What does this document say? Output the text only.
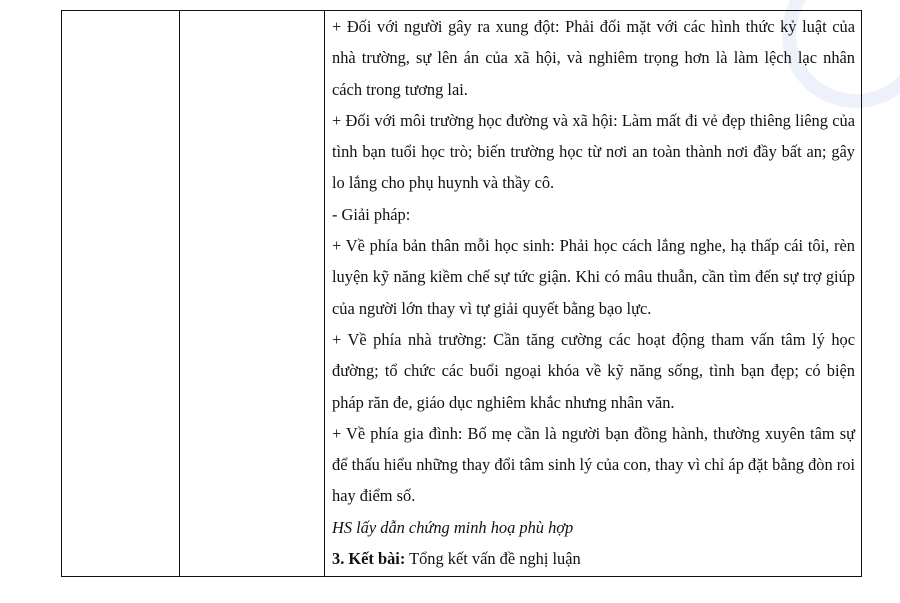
+ Đối với người gây ra xung đột: Phải đối mặt với các hình thức kỷ luật của nhà trường, sự lên án của xã hội, và nghiêm trọng hơn là làm lệch lạc nhân cách trong tương lai.

+ Đối với môi trường học đường và xã hội: Làm mất đi vẻ đẹp thiêng liêng của tình bạn tuổi học trò; biến trường học từ nơi an toàn thành nơi đầy bất an; gây lo lắng cho phụ huynh và thầy cô.

- Giải pháp:

+ Về phía bản thân mỗi học sinh: Phải học cách lắng nghe, hạ thấp cái tôi, rèn luyện kỹ năng kiềm chế sự tức giận. Khi có mâu thuẫn, cần tìm đến sự trợ giúp của người lớn thay vì tự giải quyết bằng bạo lực.

+ Về phía nhà trường: Cần tăng cường các hoạt động tham vấn tâm lý học đường; tổ chức các buổi ngoại khóa về kỹ năng sống, tình bạn đẹp; có biện pháp răn đe, giáo dục nghiêm khắc nhưng nhân văn.

+ Về phía gia đình: Bố mẹ cần là người bạn đồng hành, thường xuyên tâm sự để thấu hiểu những thay đổi tâm sinh lý của con, thay vì chỉ áp đặt bằng đòn roi hay điểm số.

HS lấy dẫn chứng minh hoạ phù hợp

3. Kết bài: Tổng kết vấn đề nghị luận
